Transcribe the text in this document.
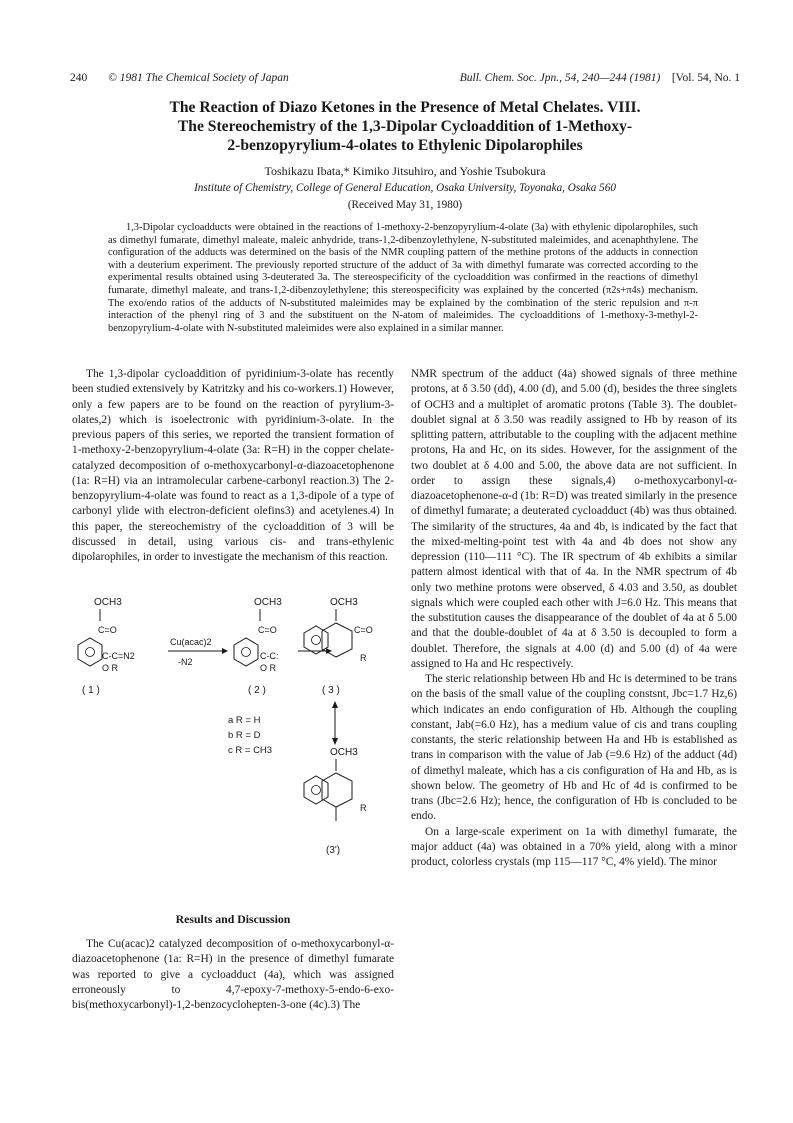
240 © 1981 The Chemical Society of Japan	Bull. Chem. Soc. Jpn., 54, 240—244 (1981) [Vol. 54, No. 1
The Reaction of Diazo Ketones in the Presence of Metal Chelates. VIII.
The Stereochemistry of the 1,3-Dipolar Cycloaddition of 1-Methoxy-
2-benzopyrylium-4-olates to Ethylenic Dipolarophiles
Toshikazu Ibata,* Kimiko Jitsuhiro, and Yoshie Tsubokura
Institute of Chemistry, College of General Education, Osaka University, Toyonaka, Osaka 560
(Received May 31, 1980)
1,3-Dipolar cycloadducts were obtained in the reactions of 1-methoxy-2-benzopyrylium-4-olate (3a) with ethylenic dipolarophiles, such as dimethyl fumarate, dimethyl maleate, maleic anhydride, trans-1,2-dibenzoylethylene, N-substituted maleimides, and acenaphthylene. The configuration of the adducts was determined on the basis of the NMR coupling pattern of the methine protons of the adducts in connection with a deuterium experiment. The previously reported structure of the adduct of 3a with dimethyl fumarate was corrected according to the experimental results obtained using 3-deuterated 3a. The stereospecificity of the cycloaddition was confirmed in the reactions of dimethyl fumarate, dimethyl maleate, and trans-1,2-dibenzoylethylene; this stereospecificity was explained by the concerted (π2s+π4s) mechanism. The exo/endo ratios of the adducts of N-substituted maleimides may be explained by the combination of the steric repulsion and π-π interaction of the phenyl ring of 3 and the substituent on the N-atom of maleimides. The cycloadditions of 1-methoxy-3-methyl-2-benzopyrylium-4-olate with N-substituted maleimides were also explained in a similar manner.

The 1,3-dipolar cycloaddition of pyridinium-3-olate has recently been studied extensively by Katritzky and his co-workers.1) However, only a few papers are to be found on the reaction of pyrylium-3-olates,2) which is isoelectronic with pyridinium-3-olate. In the previous papers of this series, we reported the transient formation of 1-methoxy-2-benzopyrylium-4-olate (3a: R=H) in the copper chelate-catalyzed decomposition of o-methoxycarbonyl-α-diazoacetophenone (1a: R=H) via an intramolecular carbene-carbonyl reaction.3) The 2-benzopyrylium-4-olate was found to react as a 1,3-dipole of a type of carbonyl ylide with electron-deficient olefins3) and acetylenes.4) In this paper, the stereochemistry of the cycloaddition of 3 will be discussed in detail, using various cis- and trans-ethylenic dipolarophiles, in order to investigate the mechanism of this reaction.

OCH3
C=O
C-C=N2
O R
( 1 )
Cu(acac)2
-N2
OCH3
C=O
C-C:
O R
( 2 )
OCH3
C=O
R
( 3 )
a R = H
b R = D
c R = CH3	OCH3
R
(3')
Results and Discussion

The Cu(acac)2 catalyzed decomposition of o-methoxycarbonyl-α-diazoacetophenone (1a: R=H) in the presence of dimethyl fumarate was reported to give a cycloadduct (4a), which was assigned erroneously to 4,7-epoxy-7-methoxy-5-endo-6-exo-bis(methoxycarbonyl)-1,2-benzocyclohepten-3-one (4c).3) The

NMR spectrum of the adduct (4a) showed signals of three methine protons, at δ 3.50 (dd), 4.00 (d), and 5.00 (d), besides the three singlets of OCH3 and a multiplet of aromatic protons (Table 3). The doublet-doublet signal at δ 3.50 was readily assigned to Hb by reason of its splitting pattern, attributable to the coupling with the adjacent methine protons, Ha and Hc, on its sides. However, for the assignment of the two doublet at δ 4.00 and 5.00, the above data are not sufficient. In order to assign these signals,4) o-methoxycarbonyl-α-diazoacetophenone-α-d (1b: R=D) was treated similarly in the presence of dimethyl fumarate; a deuterated cycloadduct (4b) was thus obtained. The similarity of the structures, 4a and 4b, is indicated by the fact that the mixed-melting-point test with 4a and 4b does not show any depression (110—111 °C). The IR spectrum of 4b exhibits a similar pattern almost identical with that of 4a. In the NMR spectrum of 4b only two methine protons were observed, δ 4.03 and 3.50, as doublet signals which were coupled each other with J=6.0 Hz. This means that the substitution causes the disappearance of the doublet of 4a at δ 5.00 and that the double-doublet of 4a at δ 3.50 is decoupled to form a doublet. Therefore, the signals at 4.00 (d) and 5.00 (d) of 4a were assigned to Ha and Hc respectively.

The steric relationship between Hb and Hc is determined to be trans on the basis of the small value of the coupling constsnt, Jbc=1.7 Hz,6) which indicates an endo configuration of Hb. Although the coupling constant, Jab(=6.0 Hz), has a medium value of cis and trans coupling constants, the steric relationship between Ha and Hb is established as trans in comparison with the value of Jab (=9.6 Hz) of the adduct (4d) of dimethyl maleate, which has a cis configuration of Ha and Hb, as is shown below. The geometry of Hb and Hc of 4d is confirmed to be trans (Jbc=2.6 Hz); hence, the configuration of Hb is concluded to be endo.

On a large-scale experiment on 1a with dimethyl fumarate, the major adduct (4a) was obtained in a 70% yield, along with a minor product, colorless crystals (mp 115—117 °C, 4% yield). The minor
